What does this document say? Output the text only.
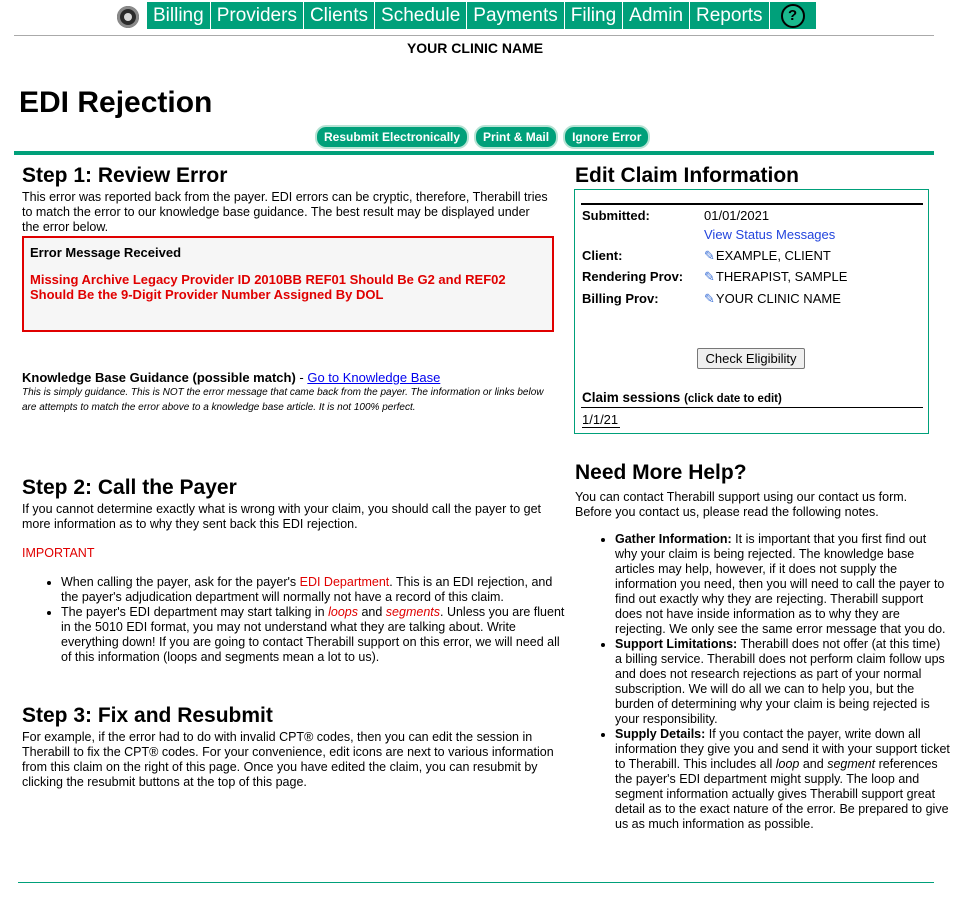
Billing Providers Clients Schedule Payments Filing Admin Reports	?
YOUR CLINIC NAME
EDI Rejection
Resubmit Electronically	Print & Mail	Ignore Error
Step 1: Review Error
This error was reported back from the payer. EDI errors can be cryptic, therefore, Therabill tries to match the error to our knowledge base guidance. The best result may be displayed under the error below.
Error Message Received
Missing Archive Legacy Provider ID 2010BB REF01 Should Be G2 and REF02 Should Be the 9-Digit Provider Number Assigned By DOL
Knowledge Base Guidance (possible match) - Go to Knowledge Base
This is simply guidance. This is NOT the error message that came back from the payer. The information or links below are attempts to match the error above to a knowledge base article. It is not 100% perfect.
Step 2: Call the Payer
If you cannot determine exactly what is wrong with your claim, you should call the payer to get more information as to why they sent back this EDI rejection.
IMPORTANT
• When calling the payer, ask for the payer's EDI Department. This is an EDI rejection, and the payer's adjudication department will normally not have a record of this claim.
• The payer's EDI department may start talking in loops and segments. Unless you are fluent in the 5010 EDI format, you may not understand what they are talking about. Write everything down! If you are going to contact Therabill support on this error, we will need all of this information (loops and segments mean a lot to us).
Step 3: Fix and Resubmit
For example, if the error had to do with invalid CPT® codes, then you can edit the session in Therabill to fix the CPT® codes. For your convenience, edit icons are next to various information from this claim on the right of this page. Once you have edited the claim, you can resubmit by clicking the resubmit buttons at the top of this page.
Edit Claim Information
Submitted:	01/01/2021
View Status Messages
Client:	✎EXAMPLE, CLIENT
Rendering Prov: ✎THERAPIST, SAMPLE
Billing Prov:	✎YOUR CLINIC NAME
Check Eligibility
Claim sessions (click date to edit)
1/1/21
Need More Help?
You can contact Therabill support using our contact us form. Before you contact us, please read the following notes.
• Gather Information: It is important that you first find out why your claim is being rejected. The knowledge base articles may help, however, if it does not supply the information you need, then you will need to call the payer to find out exactly why they are rejecting. Therabill support does not have inside information as to why they are rejecting. We only see the same error message that you do.
• Support Limitations: Therabill does not offer (at this time) a billing service. Therabill does not perform claim follow ups and does not research rejections as part of your normal subscription. We will do all we can to help you, but the burden of determining why your claim is being rejected is your responsibility.
• Supply Details: If you contact the payer, write down all information they give you and send it with your support ticket to Therabill. This includes all loop and segment references the payer's EDI department might supply. The loop and segment information actually gives Therabill support great detail as to the exact nature of the error. Be prepared to give us as much information as possible.
